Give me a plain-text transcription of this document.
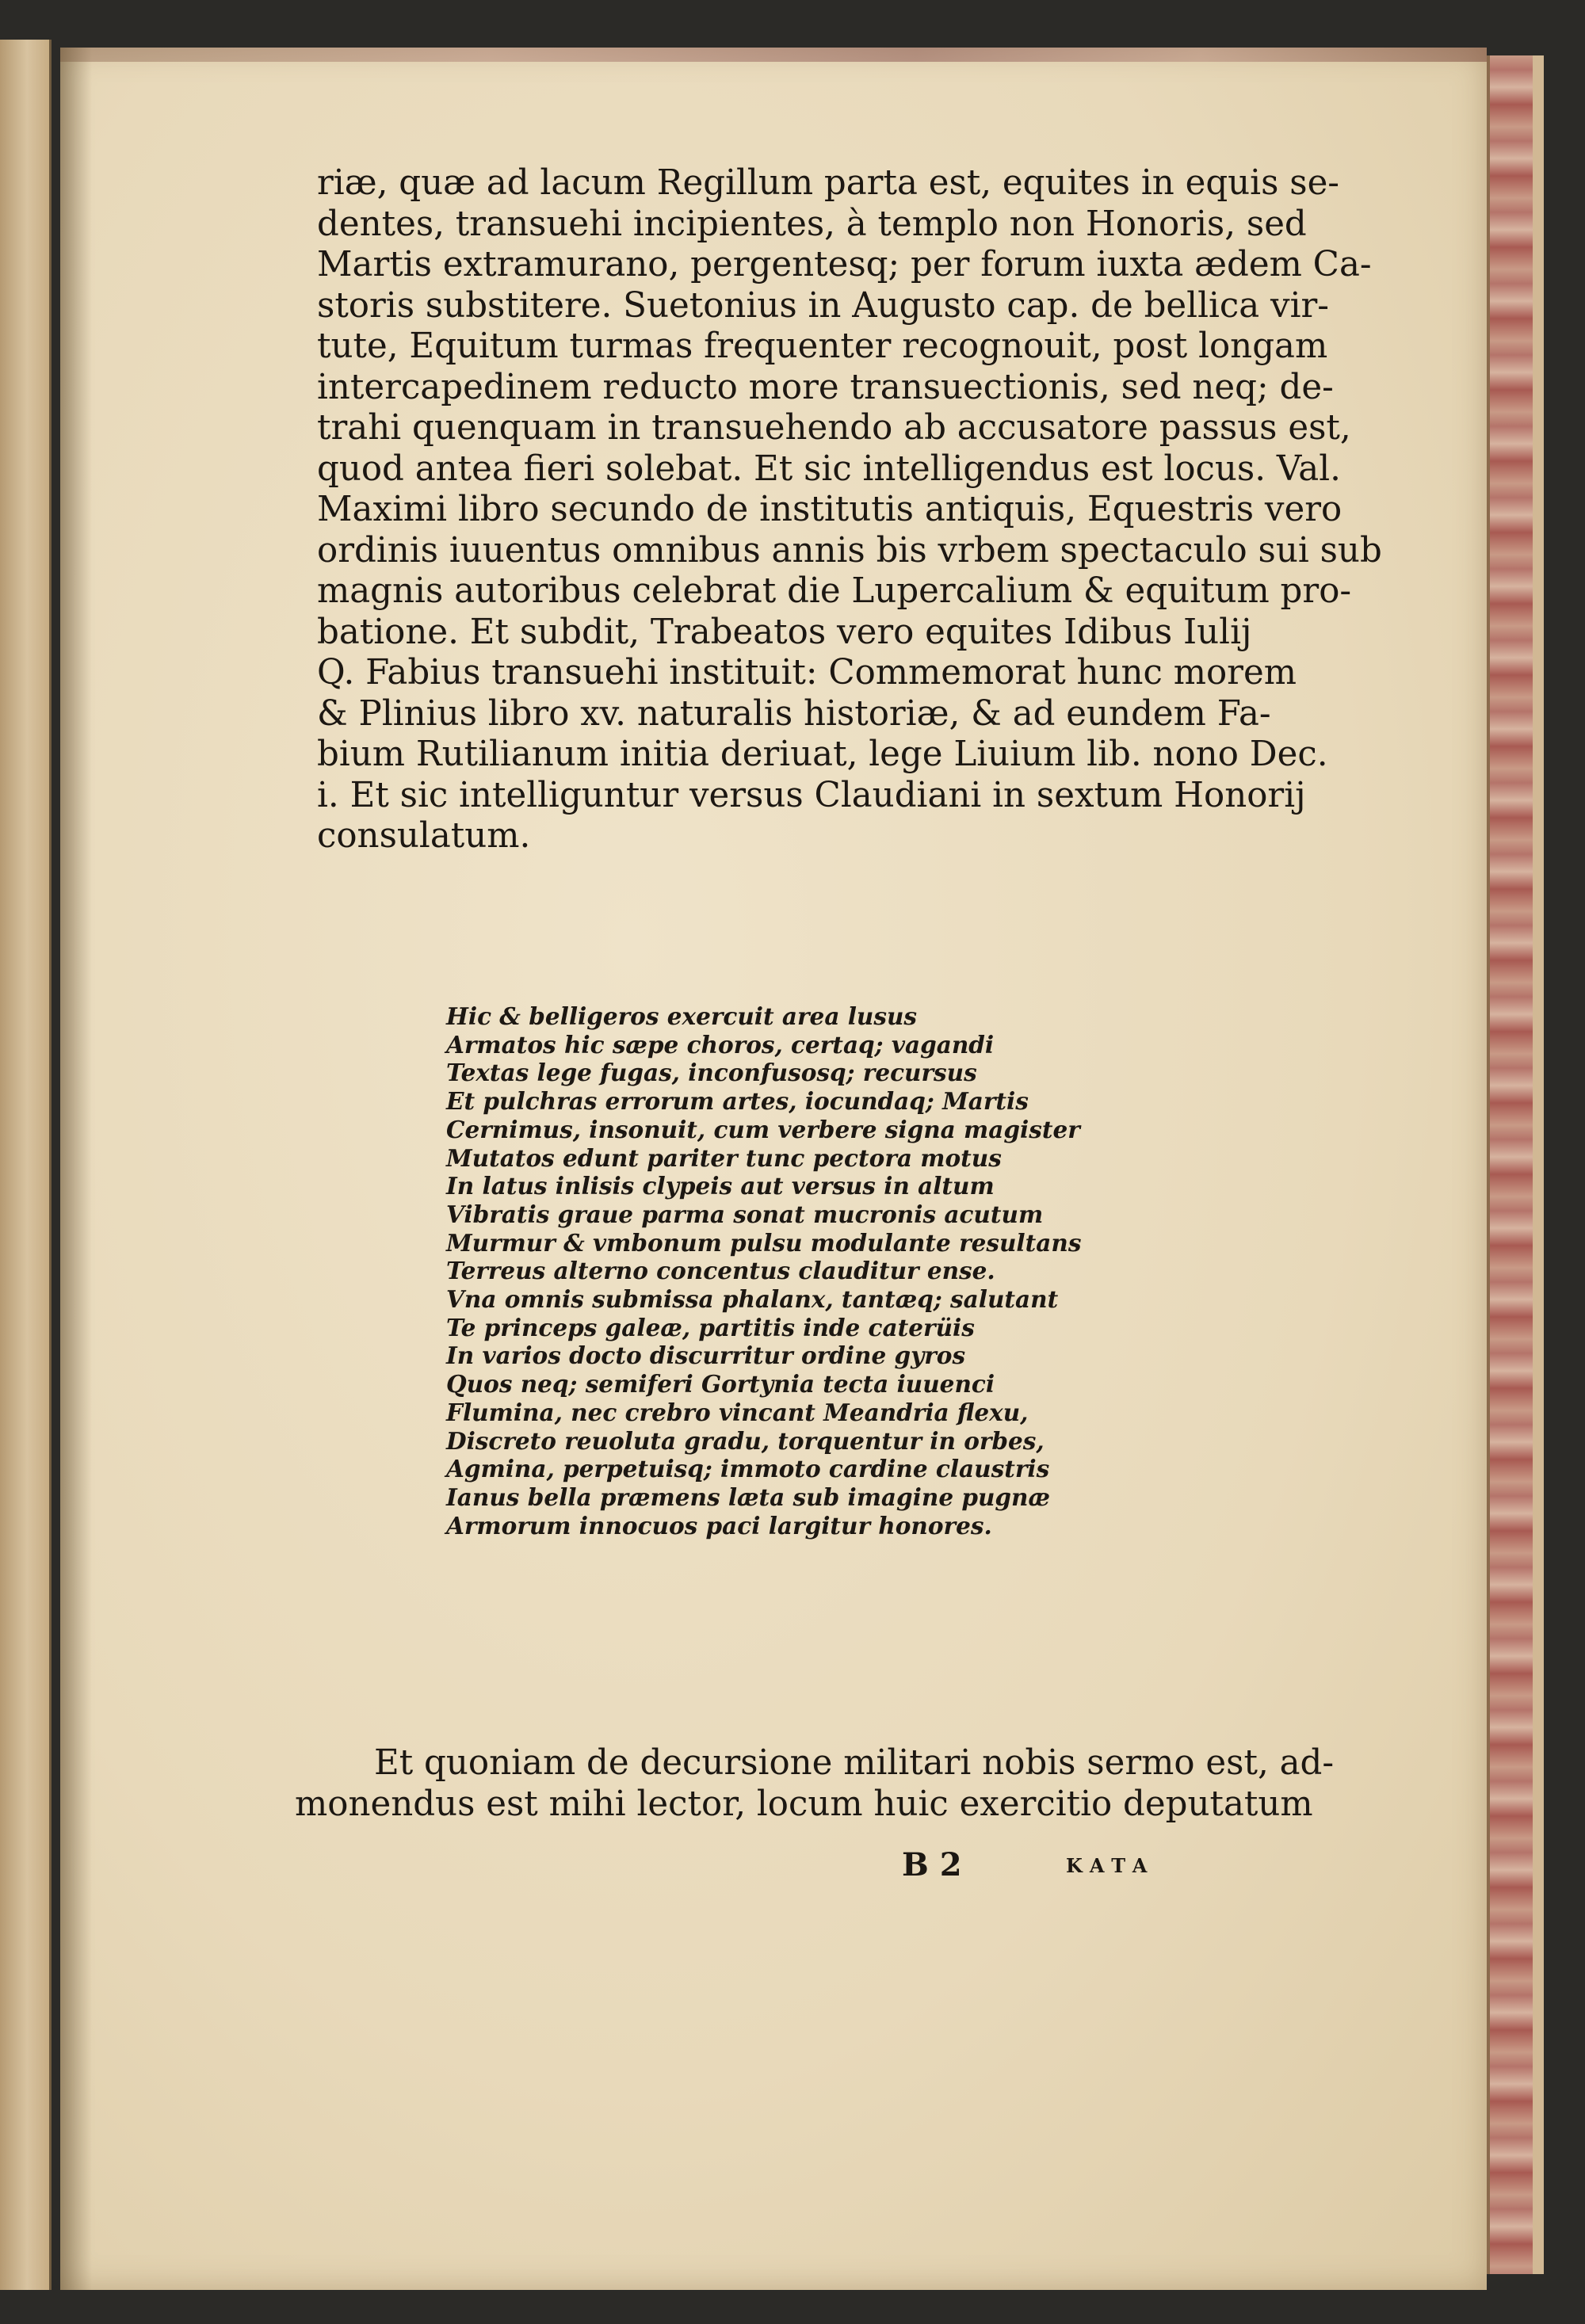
riæ, quæ ad lacum Regillum parta est, equites in equis se-
dentes, transuehi incipientes, à templo non Honoris, sed
Martis extramurano, pergentesq; per forum iuxta ædem Ca-
storis substitere. Suetonius in Augusto cap. de bellica vir-
tute, Equitum turmas frequenter recognouit, post longam
intercapedinem reducto more transuectionis, sed neq; de-
trahi quenquam in transuehendo ab accusatore passus est,
quod antea fieri solebat. Et sic intelligendus est locus. Val.
Maximi libro secundo de institutis antiquis, Equestris vero
ordinis iuuentus omnibus annis bis vrbem spectaculo sui sub
magnis autoribus celebrat die Lupercalium & equitum pro-
batione. Et subdit, Trabeatos vero equites Idibus Iulij
Q. Fabius transuehi instituit: Commemorat hunc morem
& Plinius libro xv. naturalis historiæ, & ad eundem Fa-
bium Rutilianum initia deriuat, lege Liuium lib. nono Dec.
i. Et sic intelliguntur versus Claudiani in sextum Honorij
consulatum.
Hic & belligeros exercuit area lusus
Armatos hic sæpe choros, certaq; vagandi
Textas lege fugas, inconfusosq; recursus
Et pulchras errorum artes, iocundaq; Martis
Cernimus, insonuit, cum verbere signa magister
Mutatos edunt pariter tunc pectora motus
In latus inlisis clypeis aut versus in altum
Vibratis graue parma sonat mucronis acutum
Murmur & vmbonum pulsu modulante resultans
Terreus alterno concentus clauditur ense.
Vna omnis submissa phalanx, tantæq; salutant
Te princeps galeæ, partitis inde caterüis
In varios docto discurritur ordine gyros
Quos neq; semiferi Gortynia tecta iuuenci
Flumina, nec crebro vincant Meandria flexu,
Discreto reuoluta gradu, torquentur in orbes,
Agmina, perpetuisq; immoto cardine claustris
Ianus bella præmens læta sub imagine pugnæ
Armorum innocuos paci largitur honores.
Et quoniam de decursione militari nobis sermo est, ad-
monendus est mihi lector, locum huic exercitio deputatum
B 2	KATA
